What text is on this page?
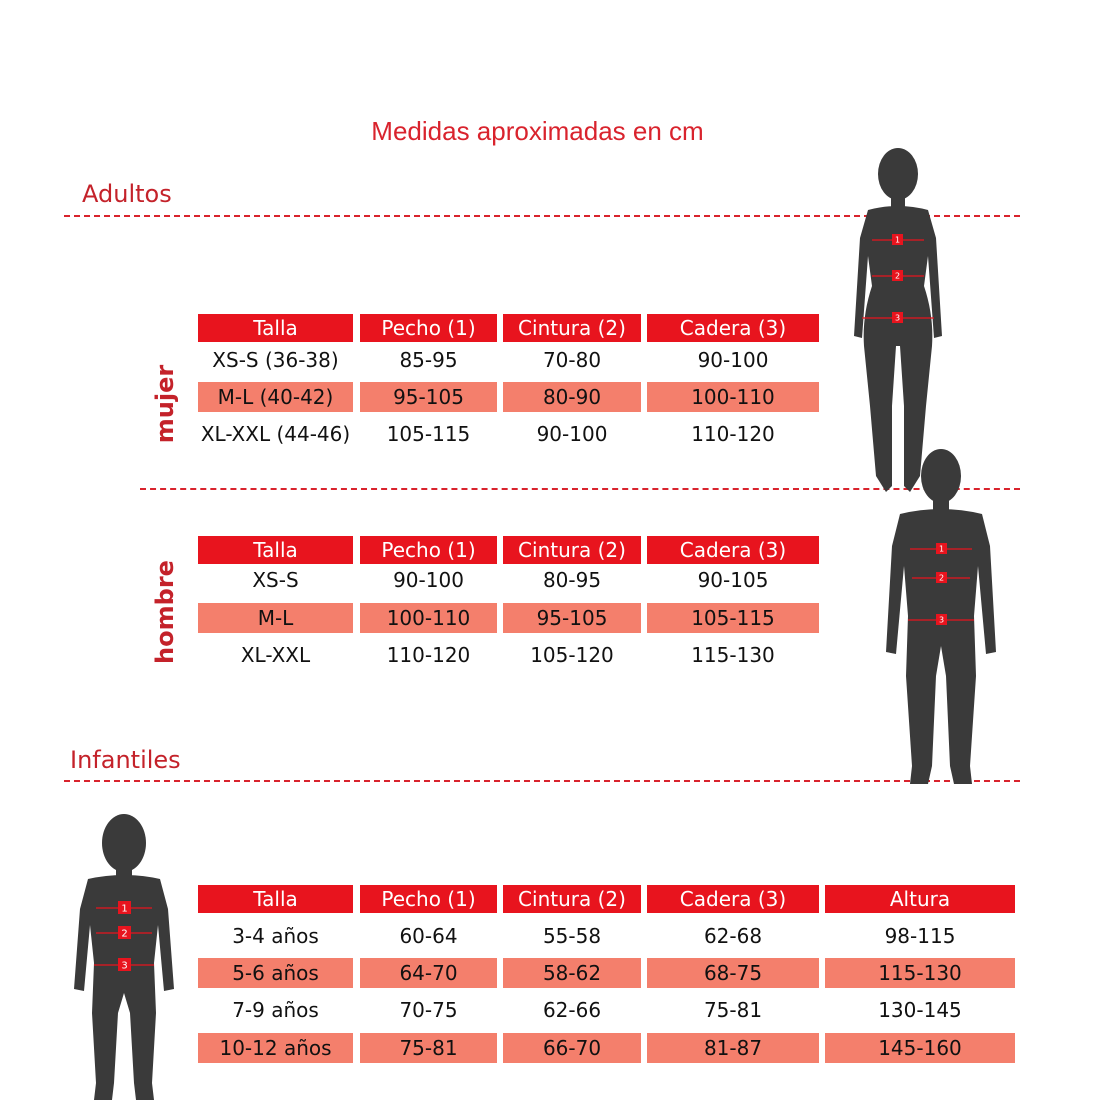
Medidas aproximadas en cm
Adultos
Infantiles
mujer
hombre
Talla	Pecho (1)	Cintura (2)	Cadera (3)
XS-S (36-38)	85-95	70-80	90-100
M-L (40-42)	95-105	80-90	100-110
XL-XXL (44-46)	105-115	90-100	110-120
Talla	Pecho (1)	Cintura (2)	Cadera (3)
XS-S	90-100	80-95	90-105
M-L	100-110	95-105	105-115
XL-XXL	110-120	105-120	115-130
Talla	Pecho (1)	Cintura (2)	Cadera (3)	Altura
3-4 años	60-64	55-58	62-68	98-115
5-6 años	64-70	58-62	68-75	115-130
7-9 años	70-75	62-66	75-81	130-145
10-12 años	75-81	66-70	81-87	145-160
1
2
3
1
2
3
1
2
3
